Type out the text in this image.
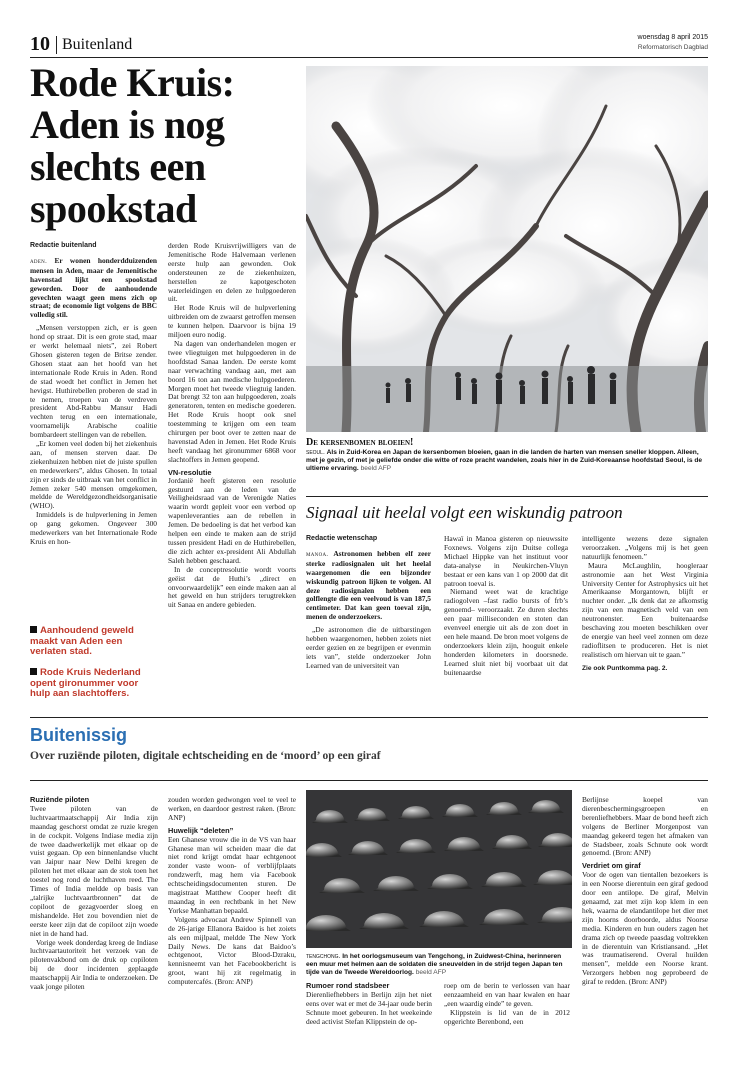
10 Buitenland	woensdag 8 april 2015
Reformatorisch Dagblad
Rode Kruis: Aden is nog slechts een spookstad
Redactie buitenland

aden. Er wonen honderdduizenden mensen in Aden, maar de Jemenitische havenstad lijkt een spookstad geworden. Door de aanhoudende gevechten waagt geen mens zich op straat; de economie ligt volgens de BBC volledig stil.

„Mensen verstoppen zich, er is geen hond op straat. Dit is een grote stad, maar er werkt helemaal niets”, zei Robert Ghosen gisteren tegen de Britse zender. Ghosen staat aan het hoofd van het internationale Rode Kruis in Aden. Rond de stad woedt het conflict in Jemen het hevigst. Huthirebellen proberen de stad in te nemen, troepen van de verdreven president Abd-Rabbu Mansur Hadi vechten terug en een internationale, voornamelijk Arabische coalitie bombardeert stellingen van de rebellen.

„Er komen veel doden bij het ziekenhuis aan, of mensen sterven daar. De ziekenhuizen hebben niet de juiste spullen en medewerkers”, aldus Ghosen. In totaal zijn er sinds de uitbraak van het conflict in Jemen zeker 540 mensen omgekomen, meldde de Wereldgezondheidsorganisatie (WHO).

Inmiddels is de hulpverlening in Jemen op gang gekomen. Ongeveer 300 medewerkers van het Internationale Rode Kruis en hon-

Aanhoudend geweld maakt van Aden een verlaten stad.
Rode Kruis Nederland opent gironummer voor hulp aan slachtoffers.

derden Rode Kruisvrijwilligers van de Jemenitische Rode Halvemaan verlenen eerste hulp aan gewonden. Ook ondersteunen ze de ziekenhuizen, herstellen ze kapotgeschoten waterleidingen en delen ze hulpgoederen uit.

Het Rode Kruis wil de hulpverlening uitbreiden om de zwaarst getroffen mensen te kunnen helpen. Daarvoor is bijna 19 miljoen euro nodig.

Na dagen van onderhandelen mogen er twee vliegtuigen met hulpgoederen in de hoofdstad Sanaa landen. De eerste komt naar verwachting vandaag aan, met aan boord 16 ton aan medische hulpgoederen. Morgen moet het tweede vliegtuig landen. Dat brengt 32 ton aan hulpgoederen, zoals generatoren, tenten en medische goederen. Het Rode Kruis hoopt ook snel toestemming te krijgen om een team chirurgen per boot over te zetten naar de havenstad Aden in Jemen. Het Rode Kruis heeft vandaag het gironummer 6868 voor slachtoffers in Jemen geopend.

VN-resolutie

Jordanië heeft gisteren een resolutie gestuurd aan de leden van de Veiligheidsraad van de Verenigde Naties waarin wordt gepleit voor een verbod op wapenleveranties aan de rebellen in Jemen. De bedoeling is dat het verbod kan helpen een einde te maken aan de strijd tussen president Hadi en de Huthirebellen, die zich achter ex-president Ali Abdullah Saleh hebben geschaard.

In de conceptresolutie wordt voorts geëist dat de Huthi’s „direct en onvoorwaardelijk” een einde maken aan al het geweld en hun strijders terugtrekken uit Sanaa en andere gebieden.

De kersenbomen bloeien!
seoul. Als in Zuid-Korea en Japan de kersenbomen bloeien, gaan in die landen de harten van mensen sneller kloppen. Alleen, met je gezin, of met je geliefde onder die witte of roze pracht wandelen, zoals hier in de Zuid-Koreaanse hoofdstad Seoul, is de ultieme ervaring. beeld AFP
Signaal uit heelal volgt een wiskundig patroon
Redactie wetenschap

manoa. Astronomen hebben elf zeer sterke radiosignalen uit het heelal waargenomen die een bijzonder wiskundig patroon lijken te volgen. Al deze radiosignalen hebben een golflengte die een veelvoud is van 187,5 centimeter. Dat kan geen toeval zijn, menen de onderzoekers.

„De astronomen die de uitbarstingen hebben waargenomen, hebben zoiets niet eerder gezien en ze begrijpen er evenmin iets van”, stelde onderzoeker John Learned van de universiteit van

Hawaï in Manoa gisteren op nieuwssite Foxnews. Volgens zijn Duitse collega Michael Hippke van het instituut voor data-analyse in Neukirchen-Vluyn bestaat er een kans van 1 op 2000 dat dit patroon toeval is.

Niemand weet wat de krachtige radiogolven –fast radio bursts of frb’s genoemd– veroorzaakt. Ze duren slechts een paar milliseconden en stoten dan evenveel energie uit als de zon doet in een hele maand. De bron moet volgens de onderzoekers klein zijn, hooguit enkele honderden kilometers in doorsnede. Learned sluit niet bij voorbaat uit dat buitenaardse

intelligente wezens deze signalen veroorzaken. „Volgens mij is het geen natuurlijk fenomeen.”

Maura McLaughlin, hoogleraar astronomie aan het West Virginia University Center for Astrophysics uit het Amerikaanse Morgantown, blijft er nuchter onder. „Ik denk dat ze afkomstig zijn van een magnetisch veld van een neutronenster. Een buitenaardse beschaving zou moeten beschikken over de energie van heel veel zonnen om deze radioflitsen te produceren. Het is niet realistisch om hiervan uit te gaan.”

Zie ook Puntkomma pag. 2.
Buitenissig
Over ruziënde piloten, digitale echtscheiding en de ‘moord’ op een giraf
Ruziënde piloten

Twee piloten van de luchtvaartmaatschappij Air India zijn maandag geschorst omdat ze ruzie kregen in de cockpit. Volgens Indiase media zijn de twee daadwerkelijk met elkaar op de vuist gegaan. Op een binnenlandse vlucht van Jaipur naar New Delhi kregen de piloten het met elkaar aan de stok toen het toestel nog rond de luchthaven reed. The Times of India meldde op basis van „talrijke luchtvaartbronnen” dat de copiloot de gezagvoerder sloeg en mishandelde. Het zou bovendien niet de eerste keer zijn dat de copiloot zijn woede niet in de hand had.

Vorige week donderdag kreeg de Indiase luchtvaartautoriteit het verzoek van de pilotenvakbond om de druk op copiloten bij de door incidenten geplaagde maatschappij Air India te onderzoeken. De vaak jonge piloten

zouden worden gedwongen veel te veel te werken, en daardoor gestrest raken. (Bron: ANP)

Huwelijk “deleten”

Een Ghanese vrouw die in de VS van haar Ghanese man wil scheiden maar die dat niet rond krijgt omdat haar echtgenoot zonder vaste woon- of verblijfplaats rondzwerft, mag hem via Facebook echtscheidingsdocumenten sturen. De magistraat Matthew Cooper heeft dit maandag in een rechtbank in het New Yorkse Manhattan bepaald.

Volgens advocaat Andrew Spinnell van de 26-jarige Ellanora Baidoo is het zoiets als een mijlpaal, meldde The New York Daily News. De kans dat Baidoo’s echtgenoot, Victor Blood-Dzraku, kennisneemt van het Facebookbericht is groot, want hij zit regelmatig in computercafés. (Bron: ANP)

tengchong. In het oorlogsmuseum van Tengchong, in Zuidwest-China, herinneren een muur met helmen aan de soldaten die sneuvelden in de strijd tegen Japan ten tijde van de Tweede Wereldoorlog. beeld AFP
Rumoer rond stadsbeer

Dierenliefhebbers in Berlijn zijn het niet eens over wat er met de 34-jaar oude berin Schnute moet gebeuren. In het weekeinde deed activist Stefan Klippstein de op-

roep om de berin te verlossen van haar eenzaamheid en van haar kwalen en haar „een waardig einde” te geven.

Klippstein is lid van de in 2012 opgerichte Berenbond, een

Berlijnse koepel van dierenbeschermingsgroepen en berenliefhebbers. Maar de bond heeft zich volgens de Berliner Morgenpost van maandag gekeerd tegen het afmaken van de Stadsbeer, zoals Schnute ook wordt genoemd. (Bron: ANP)

Verdriet om giraf

Voor de ogen van tientallen bezoekers is in een Noorse dierentuin een giraf gedood door een antilope. De giraf, Melvin genaamd, zat met zijn kop klem in een hek, waarna de elandantilope het dier met zijn hoorns doorboorde, aldus Noorse media. Kinderen en hun ouders zagen het drama zich op tweede paasdag voltrekken in de dierentuin van Kristiansand. „Het was traumatiserend. Overal huilden mensen”, meldde een Noorse krant. Verzorgers hebben nog geprobeerd de giraf te redden. (Bron: ANP)
